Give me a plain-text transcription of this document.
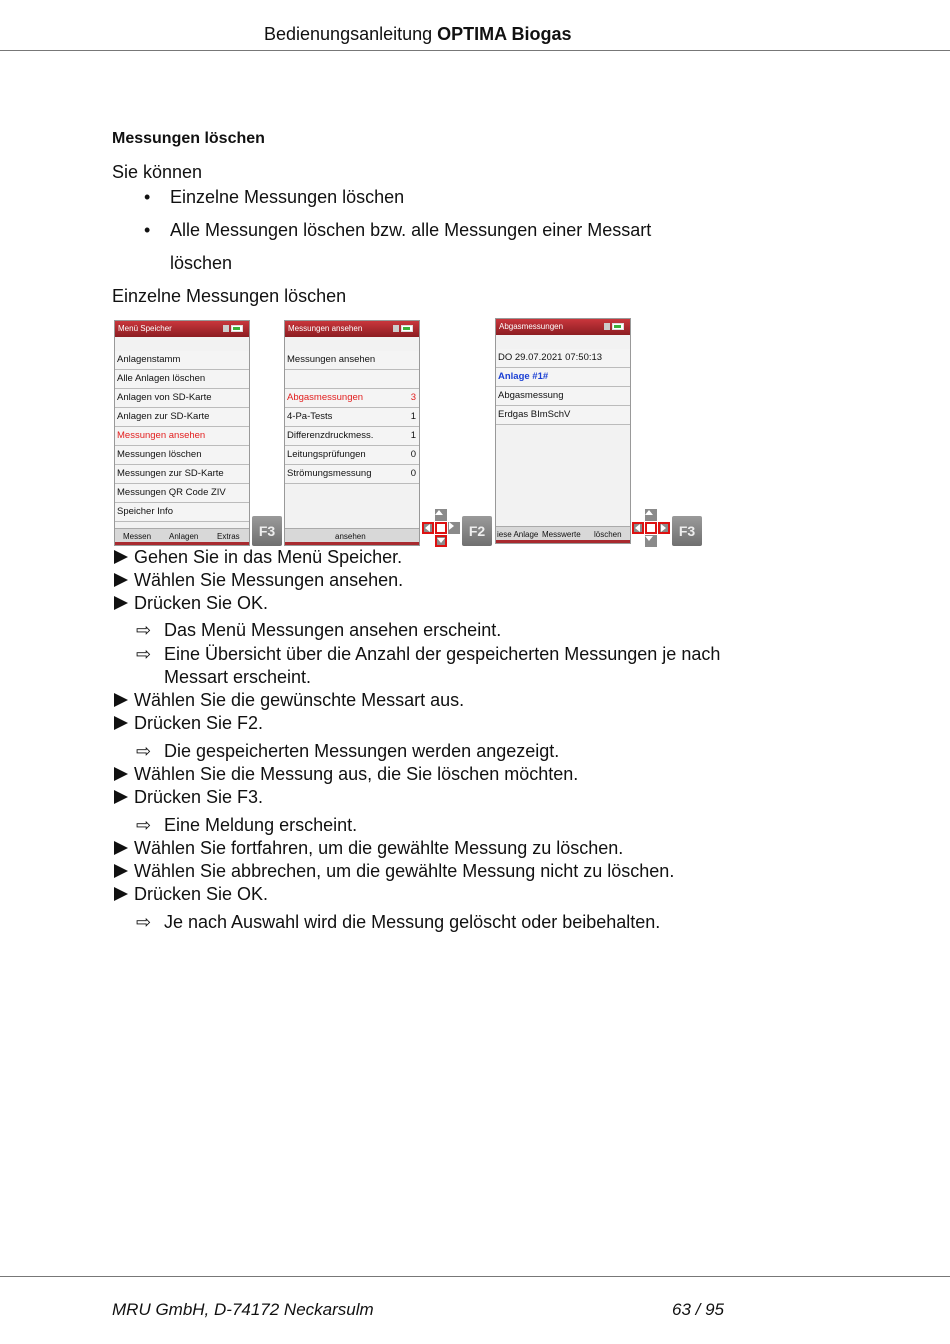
Bedienungsanleitung OPTIMA Biogas
Messungen löschen
Sie können
• Einzelne Messungen löschen
• Alle Messungen löschen bzw. alle Messungen einer Messart
löschen
Einzelne Messungen löschen
Menü Speicher
Anlagenstamm
Alle Anlagen löschen
Anlagen von SD-Karte
Anlagen zur SD-Karte
Messungen ansehen
Messungen löschen
Messungen zur SD-Karte
Messungen QR Code ZIV
Speicher Info
Messen Anlagen Extras	F3
Messungen ansehen
Messungen ansehen
Abgasmessungen	3
4-Pa-Tests	1
Differenzdruckmess.	1
Leitungsprüfungen	0
Strömungsmessung	0
ansehen	F2
Abgasmessungen
DO 29.07.2021 07:50:13
Anlage #1#
Abgasmessung
Erdgas BImSchV
iese Anlage Messwerte löschen	F3
Gehen Sie in das Menü Speicher.
Wählen Sie Messungen ansehen.
Drücken Sie OK.
⇨ Das Menü Messungen ansehen erscheint.
⇨ Eine Übersicht über die Anzahl der gespeicherten Messungen je nach
Messart erscheint.
Wählen Sie die gewünschte Messart aus.
Drücken Sie F2.
⇨ Die gespeicherten Messungen werden angezeigt.
Wählen Sie die Messung aus, die Sie löschen möchten.
Drücken Sie F3.
⇨ Eine Meldung erscheint.
Wählen Sie fortfahren, um die gewählte Messung zu löschen.
Wählen Sie abbrechen, um die gewählte Messung nicht zu löschen.
Drücken Sie OK.
⇨ Je nach Auswahl wird die Messung gelöscht oder beibehalten.
MRU GmbH, D-74172 Neckarsulm	63 / 95
